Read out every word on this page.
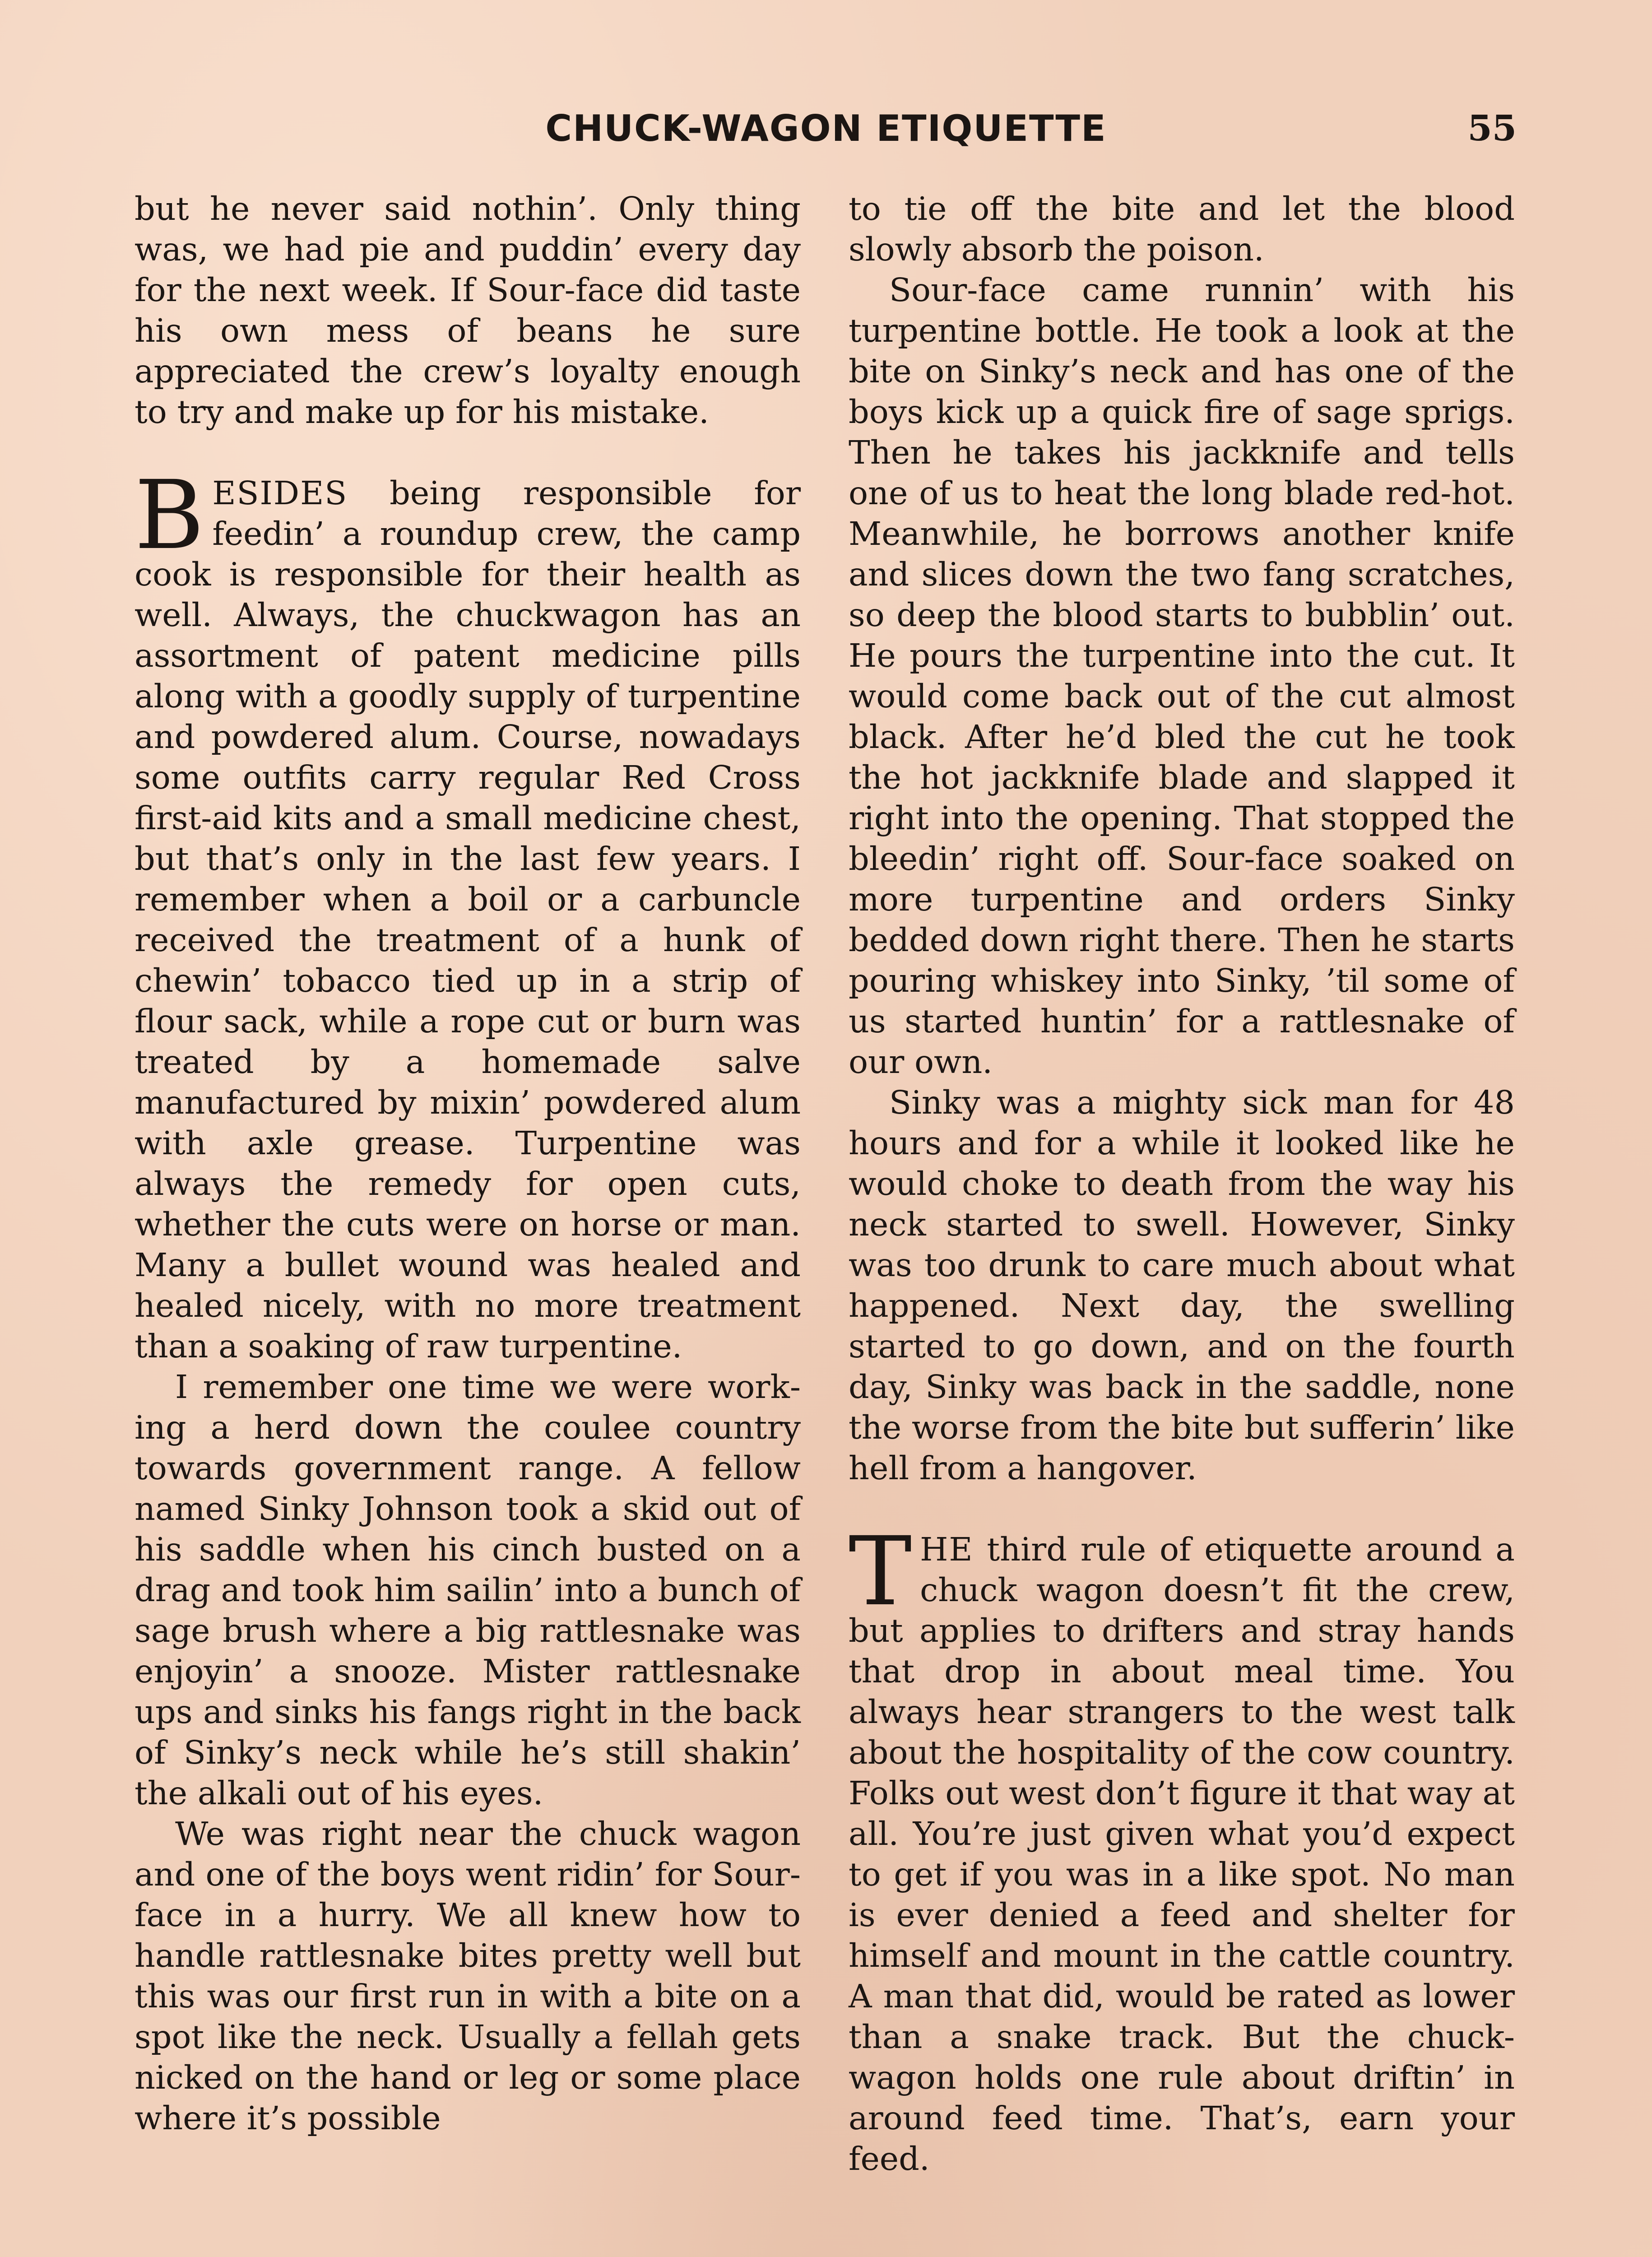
CHUCK-WAGON ETIQUETTE	55

but he never said nothin’. Only thing was, we had pie and puddin’ every day for the next week. If Sour-face did taste his own mess of beans he sure appreciated the crew’s loyalty enough to try and make up for his mistake.

BESIDES being responsible for feedin’ a roundup crew, the camp cook is responsible for their health as well. Always, the chuckwagon has an assortment of patent medicine pills along with a goodly supply of turpentine and powdered alum. Course, nowadays some outfits carry regular Red Cross first-aid kits and a small medicine chest, but that’s only in the last few years. I remember when a boil or a carbuncle received the treatment of a hunk of chewin’ tobacco tied up in a strip of flour sack, while a rope cut or burn was treated by a homemade salve manufactured by mixin’ powdered alum with axle grease. Turpentine was always the remedy for open cuts, whether the cuts were on horse or man. Many a bullet wound was healed and healed nicely, with no more treatment than a soaking of raw turpentine.

I remember one time we were working a herd down the coulee country towards government range. A fellow named Sinky Johnson took a skid out of his saddle when his cinch busted on a drag and took him sailin’ into a bunch of sage brush where a big rattlesnake was enjoyin’ a snooze. Mister rattlesnake ups and sinks his fangs right in the back of Sinky’s neck while he’s still shakin’ the alkali out of his eyes.

We was right near the chuck wagon and one of the boys went ridin’ for Sour-face in a hurry. We all knew how to handle rattlesnake bites pretty well but this was our first run in with a bite on a spot like the neck. Usually a fellah gets nicked on the hand or leg or some place where it’s possible

to tie off the bite and let the blood slowly absorb the poison.

Sour-face came runnin’ with his turpentine bottle. He took a look at the bite on Sinky’s neck and has one of the boys kick up a quick fire of sage sprigs. Then he takes his jackknife and tells one of us to heat the long blade red-hot. Meanwhile, he borrows another knife and slices down the two fang scratches, so deep the blood starts to bubblin’ out. He pours the turpentine into the cut. It would come back out of the cut almost black. After he’d bled the cut he took the hot jackknife blade and slapped it right into the opening. That stopped the bleedin’ right off. Sour-face soaked on more turpentine and orders Sinky bedded down right there. Then he starts pouring whiskey into Sinky, ’til some of us started huntin’ for a rattlesnake of our own.

Sinky was a mighty sick man for 48 hours and for a while it looked like he would choke to death from the way his neck started to swell. However, Sinky was too drunk to care much about what happened. Next day, the swelling started to go down, and on the fourth day, Sinky was back in the saddle, none the worse from the bite but sufferin’ like hell from a hangover.

THE third rule of etiquette around a chuck wagon doesn’t fit the crew, but applies to drifters and stray hands that drop in about meal time. You always hear strangers to the west talk about the hospitality of the cow country. Folks out west don’t figure it that way at all. You’re just given what you’d expect to get if you was in a like spot. No man is ever denied a feed and shelter for himself and mount in the cattle country. A man that did, would be rated as lower than a snake track. But the chuck-wagon holds one rule about driftin’ in around feed time. That’s, earn your feed.
